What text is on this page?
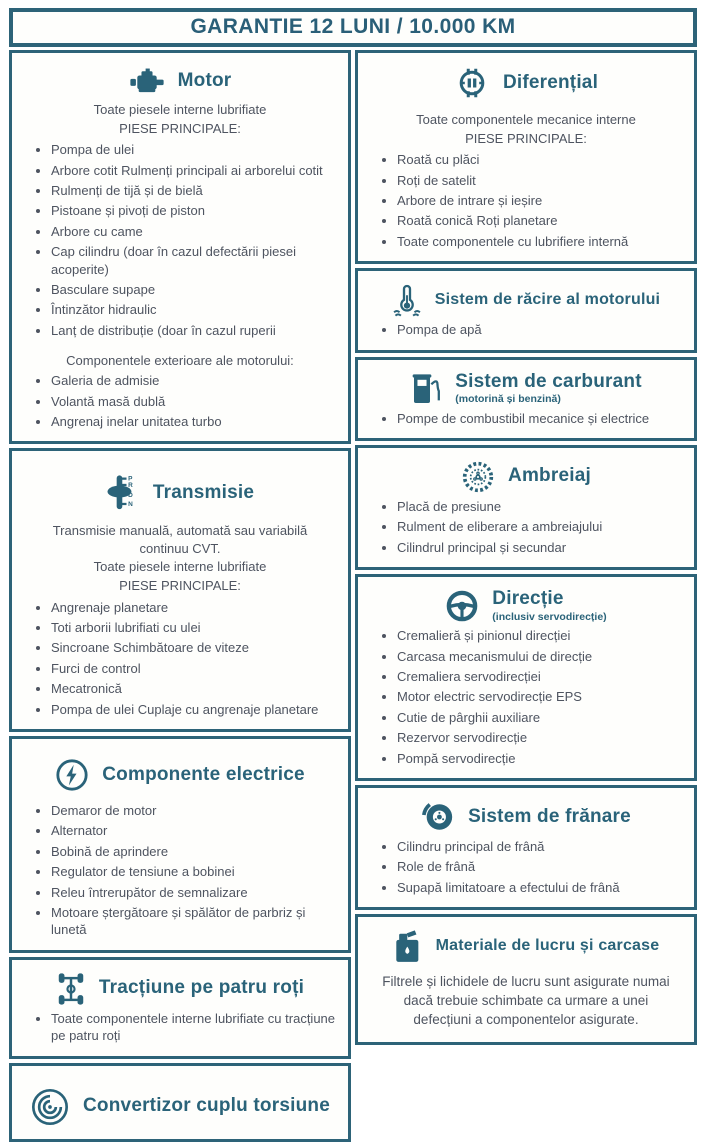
GARANTIE 12 LUNI / 10.000 KM
Motor

Toate piesele interne lubrifiate

PIESE PRINCIPALE:

• Pompa de ulei
• Arbore cotit Rulmenți principali ai arborelui cotit
• Rulmenți de tijă și de bielă
• Pistoane și pivoți de piston
• Arbore cu came
• Cap cilindru (doar în cazul defectării piesei acoperite)
• Basculare supape
• Întinzător hidraulic
• Lanț de distribuție (doar în cazul ruperii

Componentele exterioare ale motorului:

• Galeria de admisie
• Volantă masă dublă
• Angrenaj inelar unitatea turbo
P
R
D
N
Transmisie

Transmisie manuală, automată sau variabilă continuu CVT.

Toate piesele interne lubrifiate

PIESE PRINCIPALE:

• Angrenaje planetare
• Toti arborii lubrifiati cu ulei
• Sincroane Schimbătoare de viteze
• Furci de control
• Mecatronică
• Pompa de ulei Cuplaje cu angrenaje planetare
Componente electrice
• Demaror de motor
• Alternator
• Bobină de aprindere
• Regulator de tensiune a bobinei
• Releu întrerupător de semnalizare
• Motoare ștergătoare și spălător de parbriz și lunetă
Tracțiune pe patru roți
• Toate componentele interne lubrifiate cu tracțiune pe patru roți
Convertizor cuplu torsiune
Diferențial

Toate componentele mecanice interne

PIESE PRINCIPALE:

• Roată cu plăci
• Roți de satelit
• Arbore de intrare și ieșire
• Roată conică Roți planetare
• Toate componentele cu lubrifiere internă
Sistem de răcire al motorului
• Pompa de apă
Sistem de carburant
(motorină și benzină)
• Pompe de combustibil mecanice și electrice
Ambreiaj
• Placă de presiune
• Rulment de eliberare a ambreiajului
• Cilindrul principal și secundar
Direcție
(inclusiv servodirecție)
• Cremalieră și pinionul direcției
• Carcasa mecanismului de direcție
• Cremaliera servodirecției
• Motor electric servodirecție EPS
• Cutie de pârghii auxiliare
• Rezervor servodirecție
• Pompă servodirecție
Sistem de frănare
• Cilindru principal de frână
• Role de frână
• Supapă limitatoare a efectului de frână
Materiale de lucru și carcase

Filtrele și lichidele de lucru sunt asigurate numai dacă trebuie schimbate ca urmare a unei defecțiuni a componentelor asigurate.
